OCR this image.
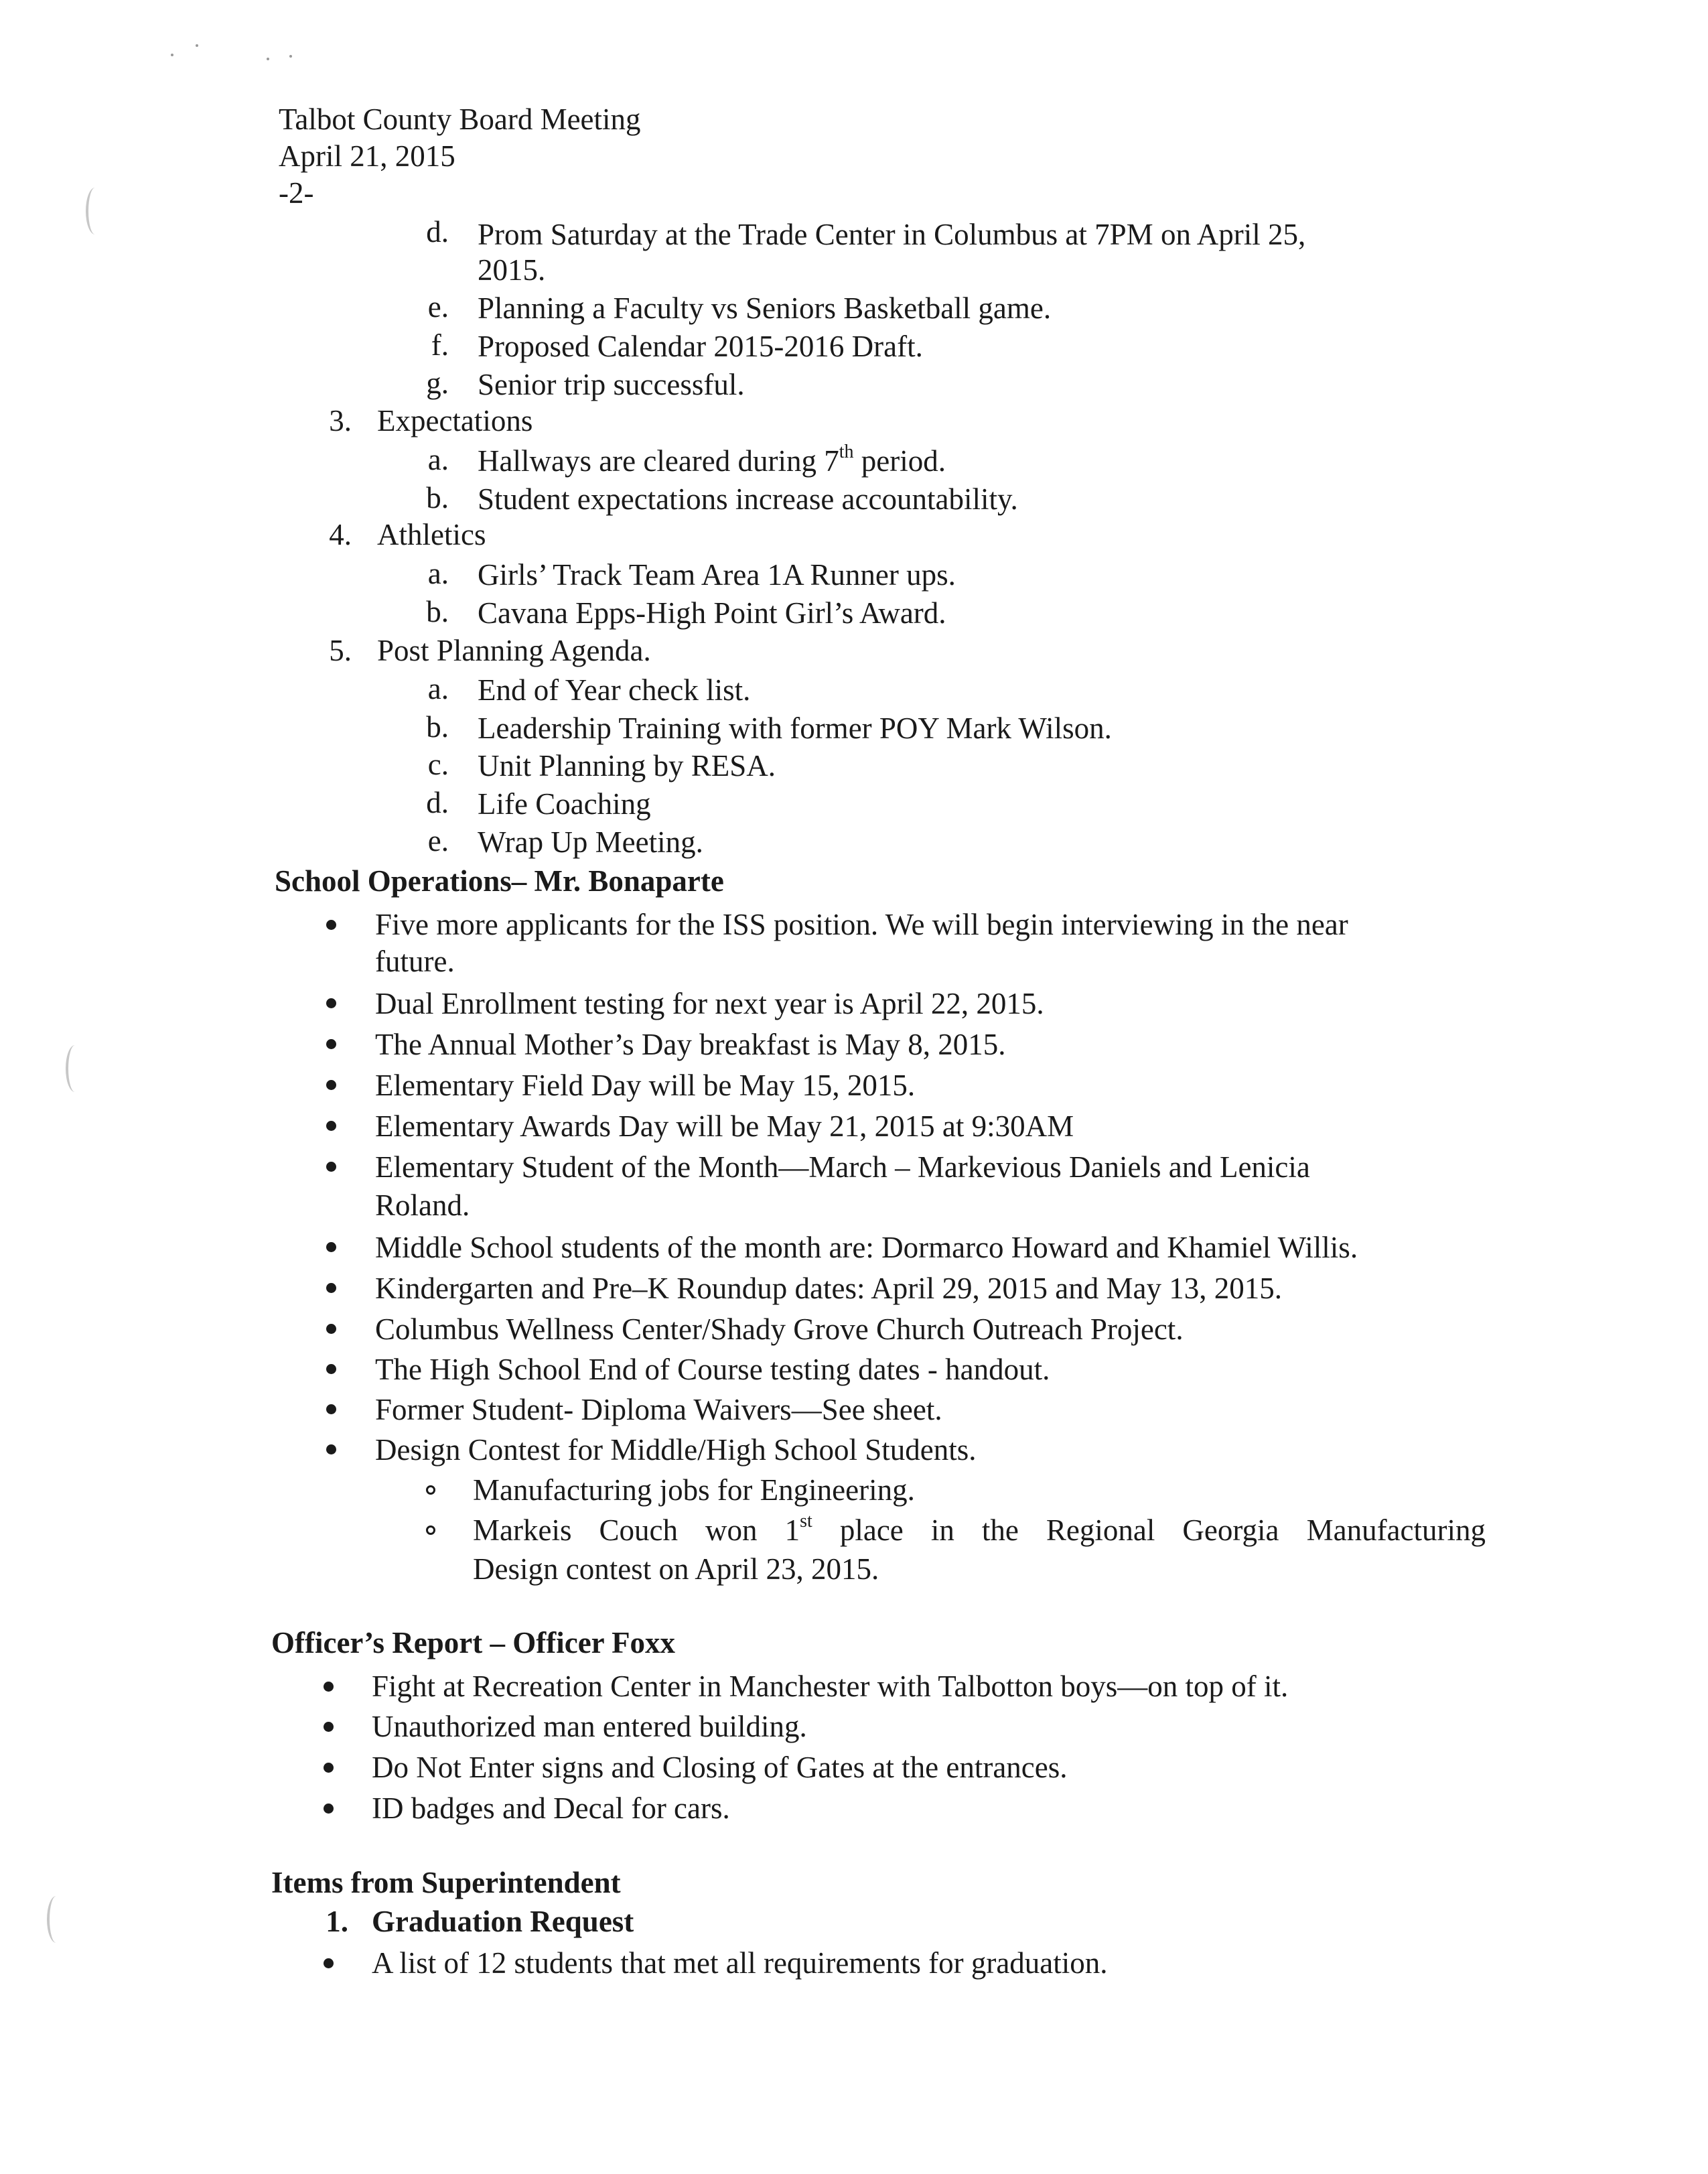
Talbot County Board Meeting
April 21, 2015
-2-
d. Prom Saturday at the Trade Center in Columbus at 7PM on April 25,
2015.
e. Planning a Faculty vs Seniors Basketball game.
f. Proposed Calendar 2015-2016 Draft.
g. Senior trip successful.
3. Expectations
a. Hallways are cleared during 7th period.
b. Student expectations increase accountability.
4. Athletics
a. Girls’ Track Team Area 1A Runner ups.
b. Cavana Epps-High Point Girl’s Award.
5. Post Planning Agenda.
a. End of Year check list.
b. Leadership Training with former POY Mark Wilson.
c. Unit Planning by RESA.
d. Life Coaching
e. Wrap Up Meeting.
School Operations– Mr. Bonaparte
Five more applicants for the ISS position. We will begin interviewing in the near
future.
Dual Enrollment testing for next year is April 22, 2015.
The Annual Mother’s Day breakfast is May 8, 2015.
Elementary Field Day will be May 15, 2015.
Elementary Awards Day will be May 21, 2015 at 9:30AM
Elementary Student of the Month—March – Markevious Daniels and Lenicia
Roland.
Middle School students of the month are: Dormarco Howard and Khamiel Willis.
Kindergarten and Pre–K Roundup dates: April 29, 2015 and May 13, 2015.
Columbus Wellness Center/Shady Grove Church Outreach Project.
The High School End of Course testing dates - handout.
Former Student- Diploma Waivers—See sheet.
Design Contest for Middle/High School Students.
Manufacturing jobs for Engineering.
Markeis Couch won 1st place in the Regional Georgia Manufacturing
Design contest on April 23, 2015.
Officer’s Report – Officer Foxx
Fight at Recreation Center in Manchester with Talbotton boys—on top of it.
Unauthorized man entered building.
Do Not Enter signs and Closing of Gates at the entrances.
ID badges and Decal for cars.
Items from Superintendent
1. Graduation Request
A list of 12 students that met all requirements for graduation.
